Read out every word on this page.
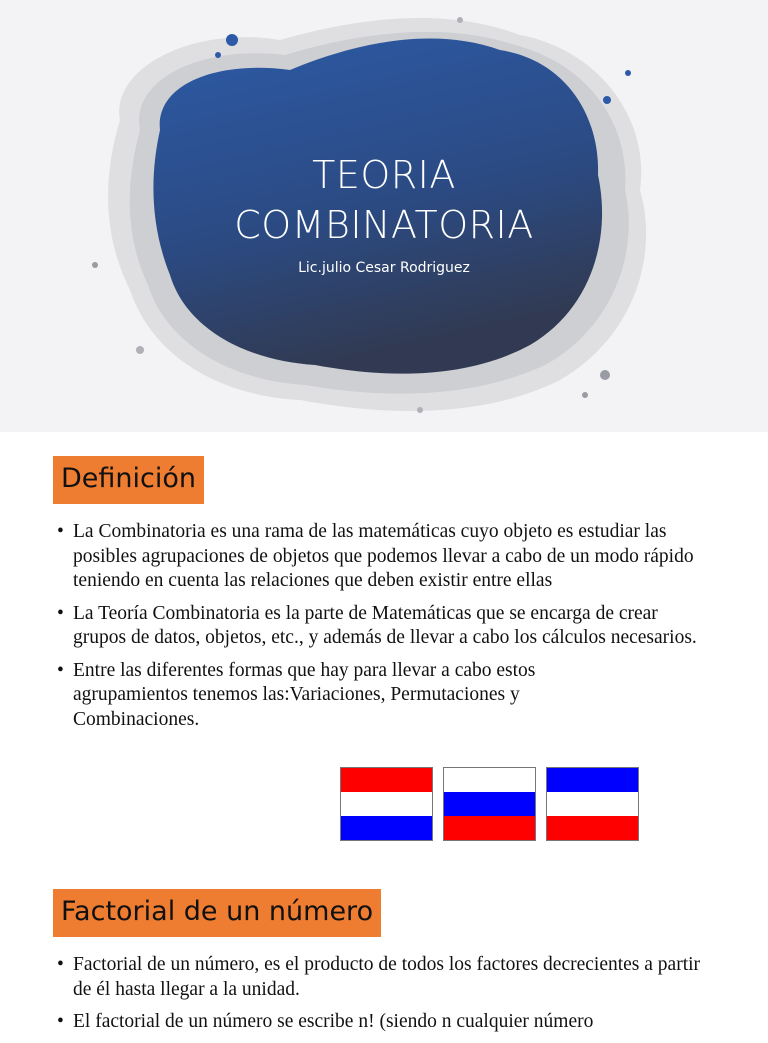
TEORIA
COMBINATORIA
Lic.julio Cesar Rodriguez
Definición
• La Combinatoria es una rama de las matemáticas cuyo objeto es estudiar las posibles agrupaciones de objetos que podemos llevar a cabo de un modo rápido teniendo en cuenta las relaciones que deben existir entre ellas
• La Teoría Combinatoria es la parte de Matemáticas que se encarga de crear grupos de datos, objetos, etc., y además de llevar a cabo los cálculos necesarios.
• Entre las diferentes formas que hay para llevar a cabo estos agrupamientos tenemos las:Variaciones, Permutaciones y Combinaciones.
Factorial de un número
• Factorial de un número, es el producto de todos los factores decrecientes a partir de él hasta llegar a la unidad.
• El factorial de un número se escribe n! (siendo n cualquier número
